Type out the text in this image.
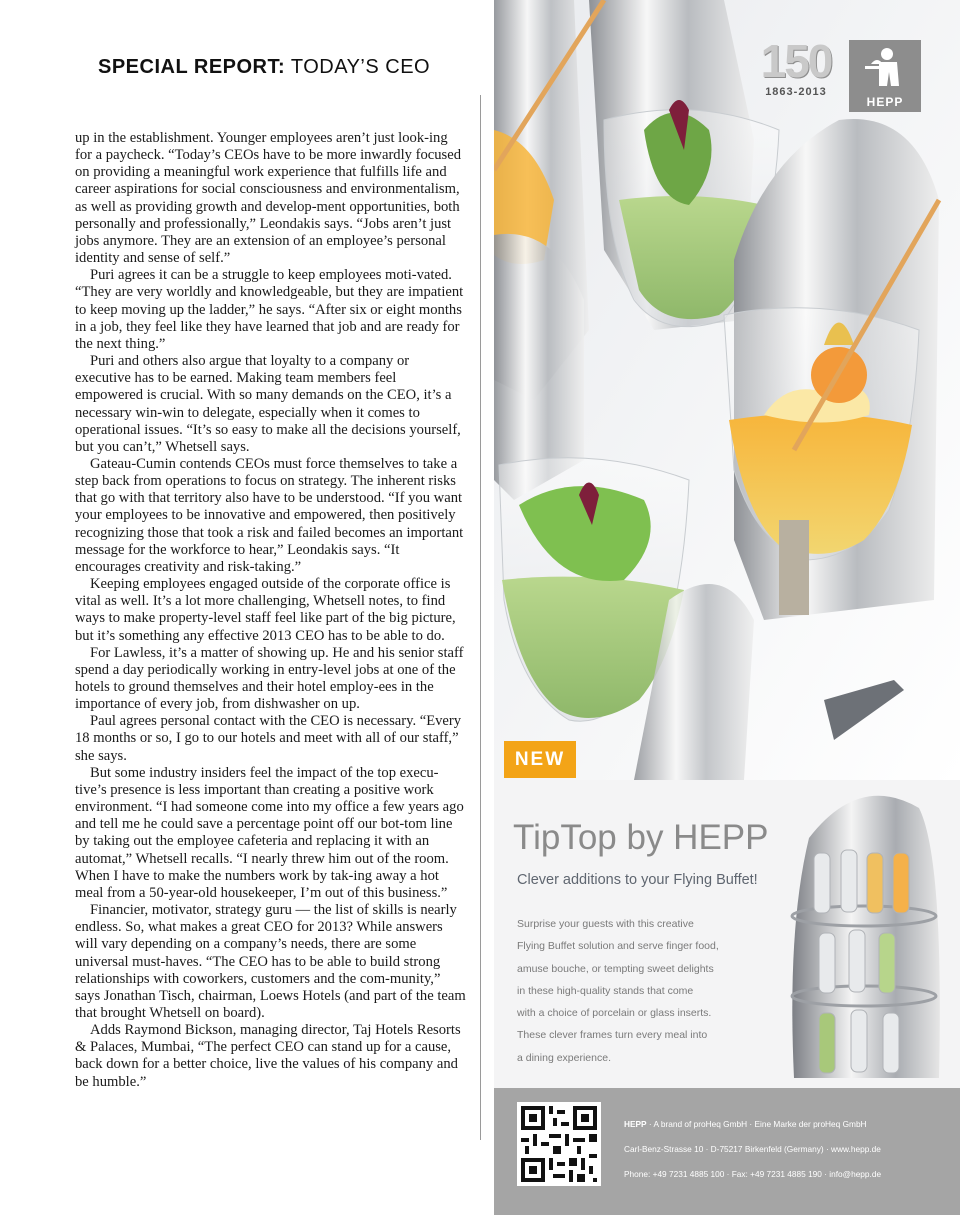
SPECIAL REPORT: TODAY’S CEO

up in the establishment. Younger employees aren’t just look-ing for a paycheck. “Today’s CEOs have to be more inwardly focused on providing a meaningful work experience that fulfills life and career aspirations for social consciousness and environmentalism, as well as providing growth and develop-ment opportunities, both personally and professionally,” Leondakis says. “Jobs aren’t just jobs anymore. They are an extension of an employee’s personal identity and sense of self.”

Puri agrees it can be a struggle to keep employees moti-vated. “They are very worldly and knowledgeable, but they are impatient to keep moving up the ladder,” he says. “After six or eight months in a job, they feel like they have learned that job and are ready for the next thing.”

Puri and others also argue that loyalty to a company or executive has to be earned. Making team members feel empowered is crucial. With so many demands on the CEO, it’s a necessary win-win to delegate, especially when it comes to operational issues. “It’s so easy to make all the decisions yourself, but you can’t,” Whetsell says.

Gateau-Cumin contends CEOs must force themselves to take a step back from operations to focus on strategy. The inherent risks that go with that territory also have to be understood. “If you want your employees to be innovative and empowered, then positively recognizing those that took a risk and failed becomes an important message for the workforce to hear,” Leondakis says. “It encourages creativity and risk-taking.”

Keeping employees engaged outside of the corporate office is vital as well. It’s a lot more challenging, Whetsell notes, to find ways to make property-level staff feel like part of the big picture, but it’s something any effective 2013 CEO has to be able to do.

For Lawless, it’s a matter of showing up. He and his senior staff spend a day periodically working in entry-level jobs at one of the hotels to ground themselves and their hotel employ-ees in the importance of every job, from dishwasher on up.

Paul agrees personal contact with the CEO is necessary. “Every 18 months or so, I go to our hotels and meet with all of our staff,” she says.

But some industry insiders feel the impact of the top execu-tive’s presence is less important than creating a positive work environment. “I had someone come into my office a few years ago and tell me he could save a percentage point off our bot-tom line by taking out the employee cafeteria and replacing it with an automat,” Whetsell recalls. “I nearly threw him out of the room. When I have to make the numbers work by tak-ing away a hot meal from a 50-year-old housekeeper, I’m out of this business.”

Financier, motivator, strategy guru — the list of skills is nearly endless. So, what makes a great CEO for 2013? While answers will vary depending on a company’s needs, there are some universal must-haves. “The CEO has to be able to build strong relationships with coworkers, customers and the com-munity,” says Jonathan Tisch, chairman, Loews Hotels (and part of the team that brought Whetsell on board).

Adds Raymond Bickson, managing director, Taj Hotels Resorts & Palaces, Mumbai, “The perfect CEO can stand up for a cause, back down for a better choice, live the values of his company and be humble.”

150
1863-2013
HEPP
NEW
TipTop by HEPP
Clever additions to your Flying Buffet!
Surprise your guests with this creative
Flying Buffet solution and serve finger food,
amuse bouche, or tempting sweet delights
in these high-quality stands that come
with a choice of porcelain or glass inserts.
These clever frames turn every meal into
a dining experience.
HEPP · A brand of proHeq GmbH · Eine Marke der proHeq GmbH
Carl-Benz-Strasse 10 · D-75217 Birkenfeld (Germany) · www.hepp.de
Phone: +49 7231 4885 100 · Fax: +49 7231 4885 190 · info@hepp.de
